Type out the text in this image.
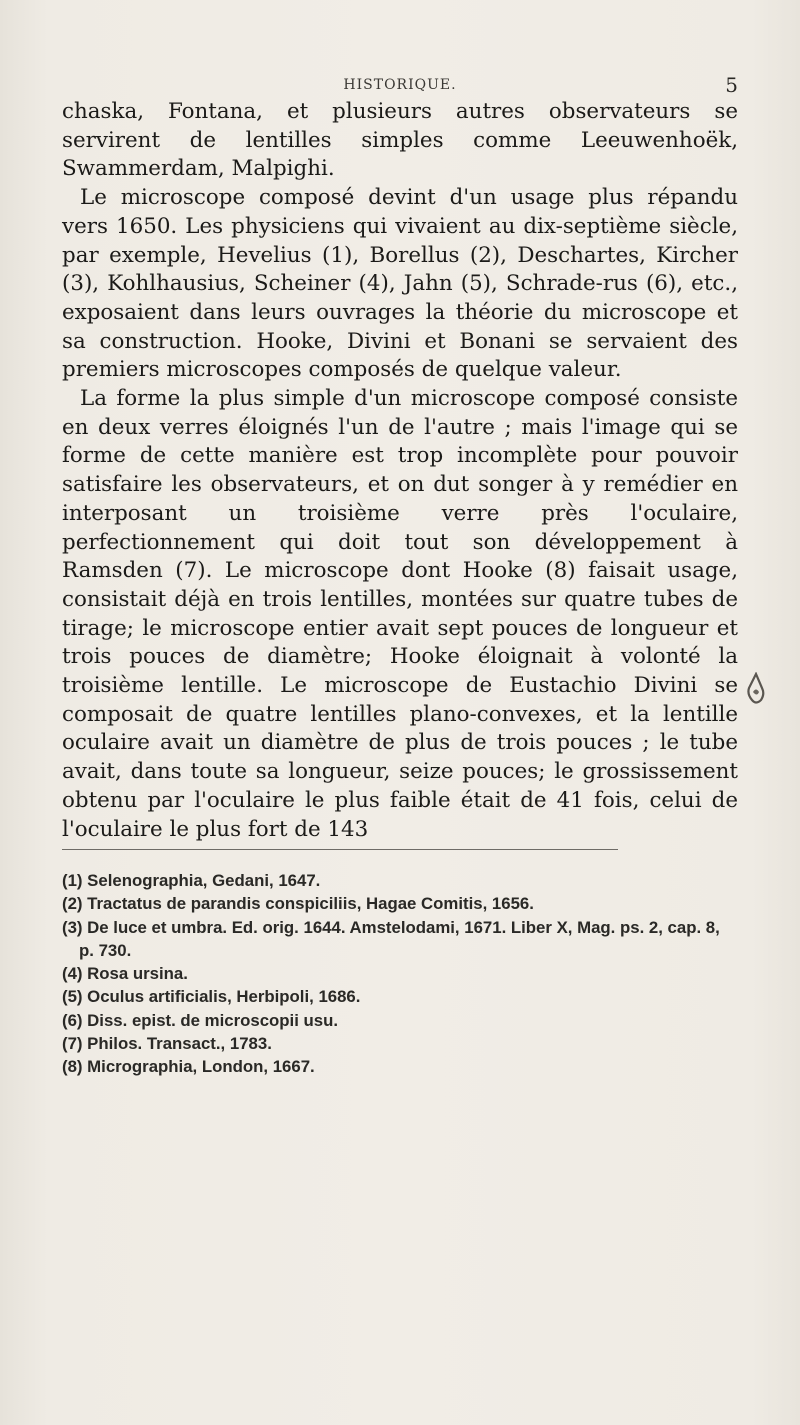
HISTORIQUE.	5

chaska, Fontana, et plusieurs autres observateurs se servirent de lentilles simples comme Leeuwenhoëk, Swammerdam, Malpighi.

Le microscope composé devint d'un usage plus répandu vers 1650. Les physiciens qui vivaient au dix-septième siècle, par exemple, Hevelius (1), Borellus (2), Deschartes, Kircher (3), Kohlhausius, Scheiner (4), Jahn (5), Schrade-rus (6), etc., exposaient dans leurs ouvrages la théorie du microscope et sa construction. Hooke, Divini et Bonani se servaient des premiers microscopes composés de quelque valeur.

La forme la plus simple d'un microscope composé consiste en deux verres éloignés l'un de l'autre ; mais l'image qui se forme de cette manière est trop incomplète pour pouvoir satisfaire les observateurs, et on dut songer à y remédier en interposant un troisième verre près l'oculaire, perfectionnement qui doit tout son développement à Ramsden (7). Le microscope dont Hooke (8) faisait usage, consistait déjà en trois lentilles, montées sur quatre tubes de tirage; le microscope entier avait sept pouces de longueur et trois pouces de diamètre; Hooke éloignait à volonté la troisième lentille. Le microscope de Eustachio Divini se composait de quatre lentilles plano-convexes, et la lentille oculaire avait un diamètre de plus de trois pouces ; le tube avait, dans toute sa longueur, seize pouces; le grossissement obtenu par l'oculaire le plus faible était de 41 fois, celui de l'oculaire le plus fort de 143

(1) Selenographia, Gedani, 1647.
(2) Tractatus de parandis conspiciliis, Hagae Comitis, 1656.
(3) De luce et umbra. Ed. orig. 1644. Amstelodami, 1671. Liber X, Mag. ps. 2, cap. 8, p. 730.
(4) Rosa ursina.
(5) Oculus artificialis, Herbipoli, 1686.
(6) Diss. epist. de microscopii usu.
(7) Philos. Transact., 1783.
(8) Micrographia, London, 1667.
